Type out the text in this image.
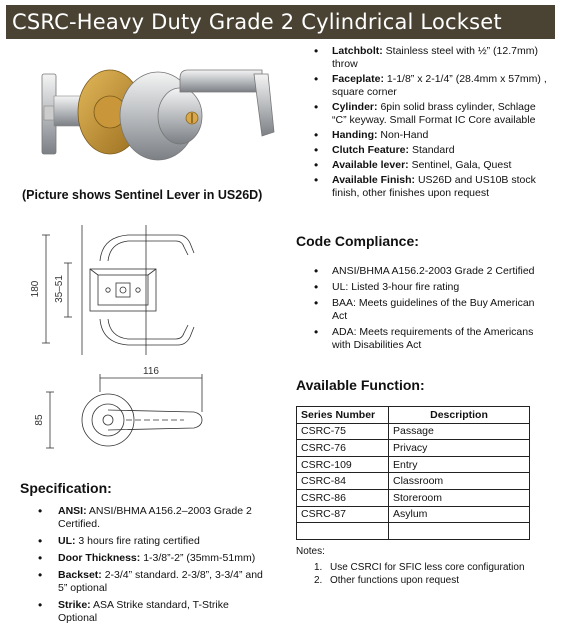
CSRC-Heavy Duty Grade 2 Cylindrical Lockset
(Picture shows Sentinel Lever in US26D)
180 35–51
116
85
Specification:
• ANSI: ANSI/BHMA A156.2–2003 Grade 2 Certified.
• UL: 3 hours fire rating certified
• Door Thickness: 1-3/8”-2” (35mm-51mm)
• Backset: 2-3/4” standard. 2-3/8”, 3-3/4” and 5” optional
• Strike: ASA Strike standard, T-Strike Optional
• Latchbolt: Stainless steel with ½” (12.7mm) throw
• Faceplate: 1-1/8” x 2-1/4” (28.4mm x 57mm) , square corner
• Cylinder: 6pin solid brass cylinder, Schlage “C” keyway. Small Format IC Core available
• Handing: Non-Hand
• Clutch Feature: Standard
• Available lever: Sentinel, Gala, Quest
• Available Finish: US26D and US10B stock finish, other finishes upon request
Code Compliance:
• ANSI/BHMA A156.2-2003 Grade 2 Certified
• UL: Listed 3-hour fire rating
• BAA: Meets guidelines of the Buy American Act
• ADA: Meets requirements of the Americans with Disabilities Act
Available Function:
Series Number	Description
CSRC-75	Passage
CSRC-76	Privacy
CSRC-109	Entry
CSRC-84	Classroom
CSRC-86	Storeroom
CSRC-87	Asylum

Notes:
1. Use CSRCI for SFIC less core configuration
2. Other functions upon request
